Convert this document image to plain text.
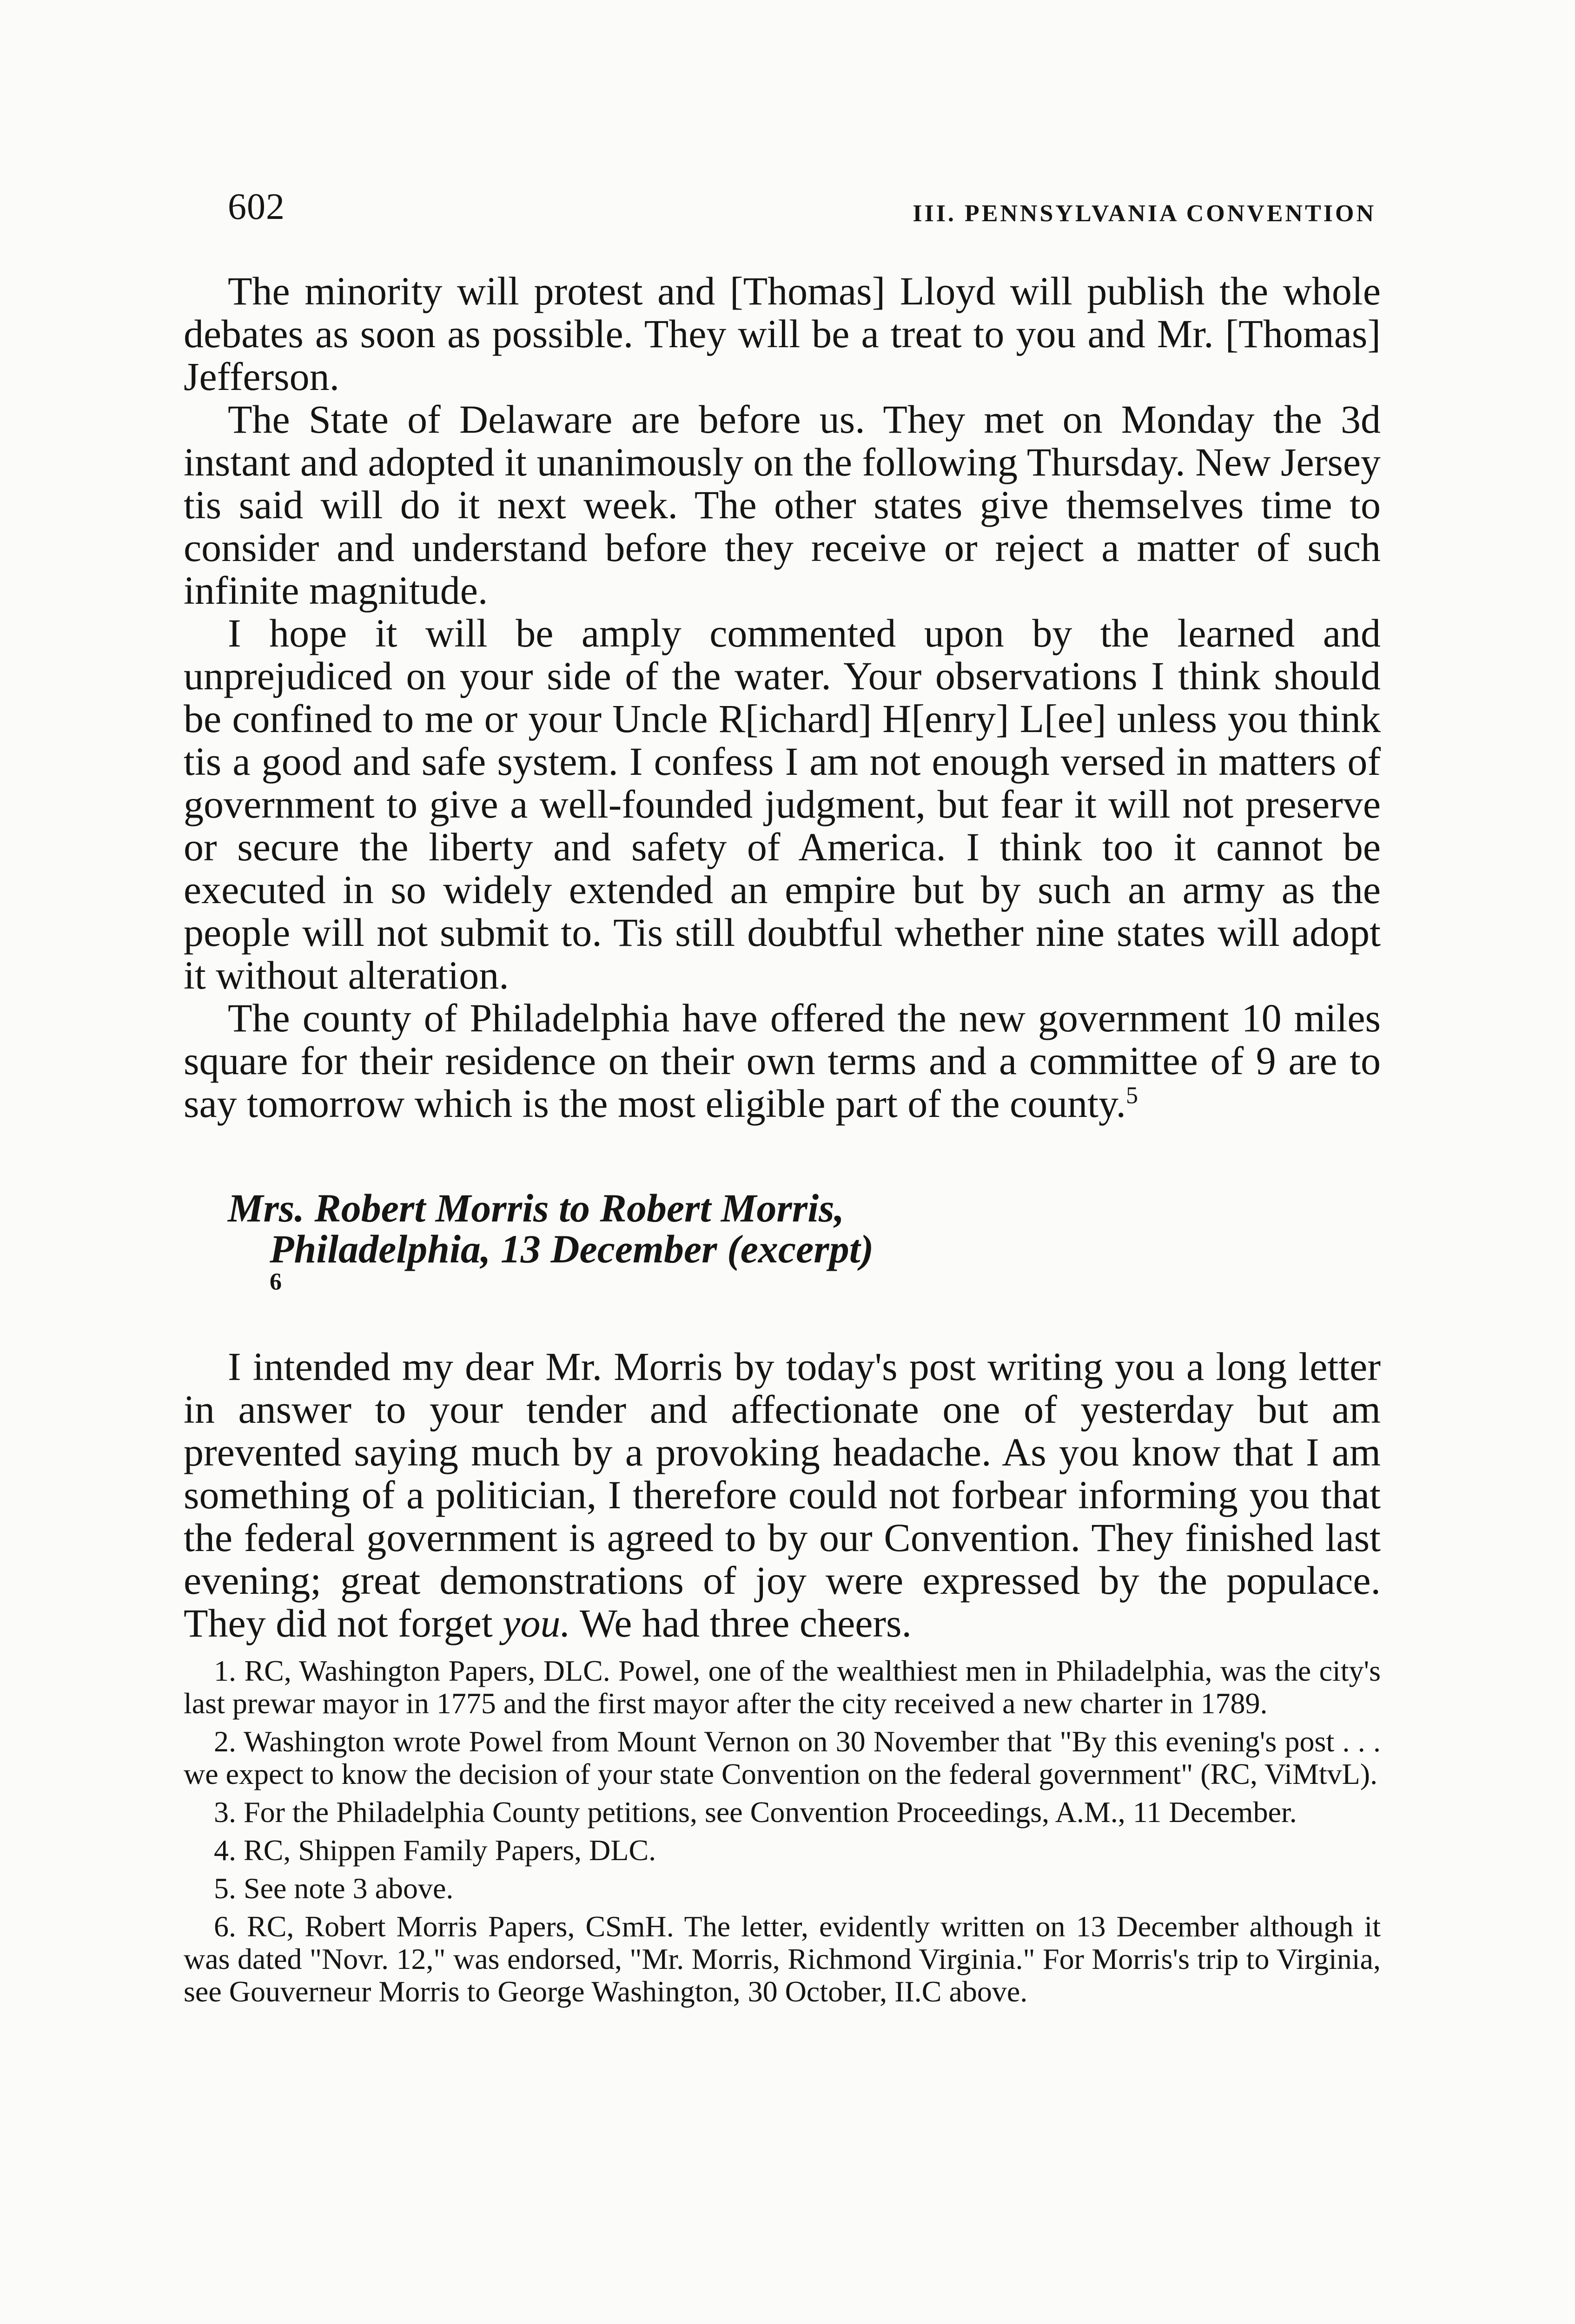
602	III. PENNSYLVANIA CONVENTION

The minority will protest and [Thomas] Lloyd will publish the whole debates as soon as possible. They will be a treat to you and Mr. [Thomas] Jefferson.

The State of Delaware are before us. They met on Monday the 3d instant and adopted it unanimously on the following Thursday. New Jersey tis said will do it next week. The other states give themselves time to consider and understand before they receive or reject a matter of such infinite magnitude.

I hope it will be amply commented upon by the learned and unprejudiced on your side of the water. Your observations I think should be confined to me or your Uncle R[ichard] H[enry] L[ee] unless you think tis a good and safe system. I confess I am not enough versed in matters of government to give a well-founded judgment, but fear it will not preserve or secure the liberty and safety of America. I think too it cannot be executed in so widely extended an empire but by such an army as the people will not submit to. Tis still doubtful whether nine states will adopt it without alteration.

The county of Philadelphia have offered the new government 10 miles square for their residence on their own terms and a committee of 9 are to say tomorrow which is the most eligible part of the county.$^5$

Mrs. Robert Morris to Robert Morris,
Philadelphia, 13 December (excerpt)
$^6$

I intended my dear Mr. Morris by today's post writing you a long letter in answer to your tender and affectionate one of yesterday but am prevented saying much by a provoking headache. As you know that I am something of a politician, I therefore could not forbear informing you that the federal government is agreed to by our Convention. They finished last evening; great demonstrations of joy were expressed by the populace. They did not forget you. We had three cheers.

1. RC, Washington Papers, DLC. Powel, one of the wealthiest men in Philadelphia, was the city's last prewar mayor in 1775 and the first mayor after the city received a new charter in 1789.

2. Washington wrote Powel from Mount Vernon on 30 November that "By this evening's post . . . we expect to know the decision of your state Convention on the federal government" (RC, ViMtvL).

3. For the Philadelphia County petitions, see Convention Proceedings, A.M., 11 December.

4. RC, Shippen Family Papers, DLC.

5. See note 3 above.

6. RC, Robert Morris Papers, CSmH. The letter, evidently written on 13 December although it was dated "Novr. 12," was endorsed, "Mr. Morris, Richmond Virginia." For Morris's trip to Virginia, see Gouverneur Morris to George Washington, 30 October, II.C above.
